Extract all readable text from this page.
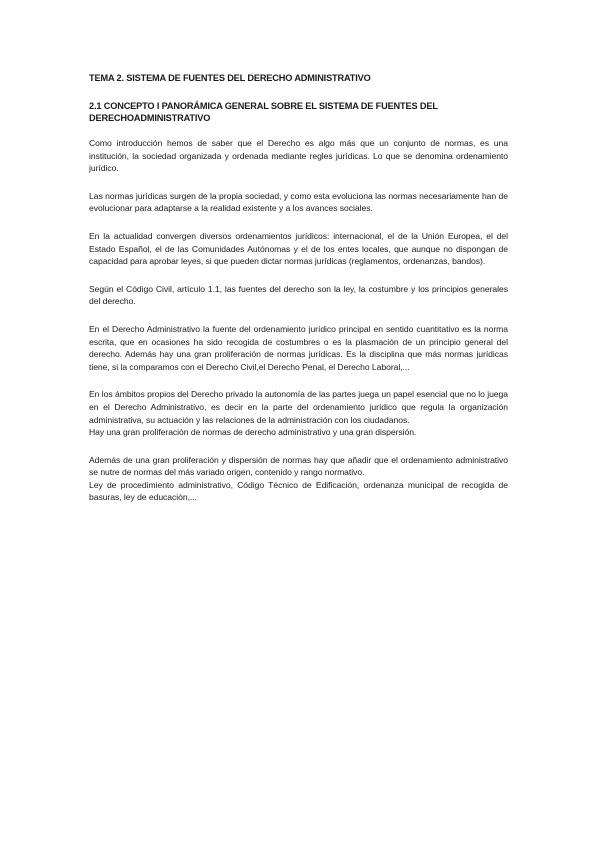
TEMA 2. SISTEMA DE FUENTES DEL DERECHO ADMINISTRATIVO
2.1 CONCEPTO I PANORÁMICA GENERAL SOBRE EL SISTEMA DE FUENTES DEL DERECHOADMINISTRATIVO

Como introducción hemos de saber que el Derecho es algo más que un conjunto de normas, es una institución, la sociedad organizada y ordenada mediante regles jurídicas. Lo que se denomina ordenamiento jurídico.

Las normas jurídicas surgen de la propia sociedad, y como esta evoluciona las normas necesariamente han de evolucionar para adaptarse a la realidad existente y a los avances sociales.

En la actualidad convergen diversos ordenamientos jurídicos: internacional, el de la Unión Europea, el del Estado Español, el de las Comunidades Autónomas y el de los entes locales, que aunque no dispongan de capacidad para aprobar leyes, si que pueden dictar normas jurídicas (reglamentos, ordenanzas, bandos).

Según el Código Civil, artículo 1.1, las fuentes del derecho son la ley, la costumbre y los principios generales del derecho.

En el Derecho Administrativo la fuente del ordenamiento jurídico principal en sentido cuantitativo es la norma escrita, que en ocasiones ha sido recogida de costumbres o es la plasmación de un principio general del derecho. Además hay una gran proliferación de normas jurídicas. Es la disciplina que más normas jurídicas tiene, si la comparamos con el Derecho Civil,el Derecho Penal, el Derecho Laboral,...

En los ámbitos propios del Derecho privado la autonomía de las partes juega un papel esencial que no lo juega en el Derecho Administrativo, es decir en la parte del ordenamiento jurídico que regula la organización administrativa, su actuación y las relaciones de la administración con los ciudadanos.

Hay una gran proliferación de normas de derecho administrativo y una gran dispersión.

Además de una gran proliferación y dispersión de normas hay que añadir que el ordenamiento administrativo se nutre de normas del más variado origen, contenido y rango normativo.

Ley de procedimiento administrativo, Código Técnico de Edificación, ordenanza municipal de recogida de basuras, ley de educación,...
